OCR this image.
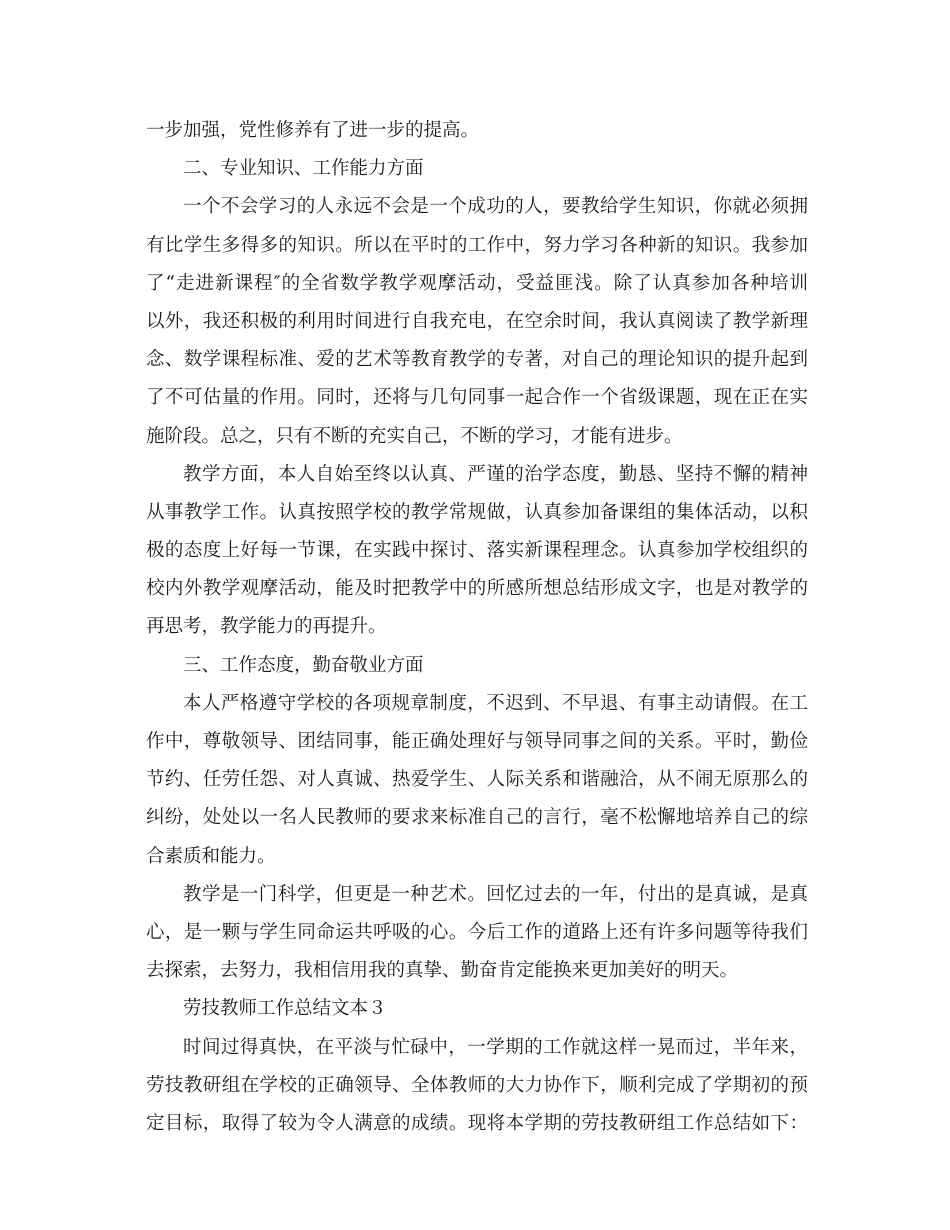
一步加强，党性修养有了进一步的提高。
二、专业知识、工作能力方面
一个不会学习的人永远不会是一个成功的人，要教给学生知识，你就必须拥
有比学生多得多的知识。所以在平时的工作中，努力学习各种新的知识。我参加
了“走进新课程″的全省数学教学观摩活动，受益匪浅。除了认真参加各种培训
以外，我还积极的利用时间进行自我充电，在空余时间，我认真阅读了教学新理
念、数学课程标准、爱的艺术等教育教学的专著，对自己的理论知识的提升起到
了不可估量的作用。同时，还将与几句同事一起合作一个省级课题，现在正在实
施阶段。总之，只有不断的充实自己，不断的学习，才能有进步。
教学方面，本人自始至终以认真、严谨的治学态度，勤恳、坚持不懈的精神
从事教学工作。认真按照学校的教学常规做，认真参加备课组的集体活动，以积
极的态度上好每一节课，在实践中探讨、落实新课程理念。认真参加学校组织的
校内外教学观摩活动，能及时把教学中的所感所想总结形成文字，也是对教学的
再思考，教学能力的再提升。
三、工作态度，勤奋敬业方面
本人严格遵守学校的各项规章制度，不迟到、不早退、有事主动请假。在工
作中，尊敬领导、团结同事，能正确处理好与领导同事之间的关系。平时，勤俭
节约、任劳任怨、对人真诚、热爱学生、人际关系和谐融洽，从不闹无原那么的
纠纷，处处以一名人民教师的要求来标准自己的言行，毫不松懈地培养自己的综
合素质和能力。
教学是一门科学，但更是一种艺术。回忆过去的一年，付出的是真诚，是真
心，是一颗与学生同命运共呼吸的心。今后工作的道路上还有许多问题等待我们
去探索，去努力，我相信用我的真挚、勤奋肯定能换来更加美好的明天。
劳技教师工作总结文本３
时间过得真快，在平淡与忙碌中，一学期的工作就这样一晃而过，半年来，
劳技教研组在学校的正确领导、全体教师的大力协作下，顺利完成了学期初的预
定目标，取得了较为令人满意的成绩。现将本学期的劳技教研组工作总结如下：
